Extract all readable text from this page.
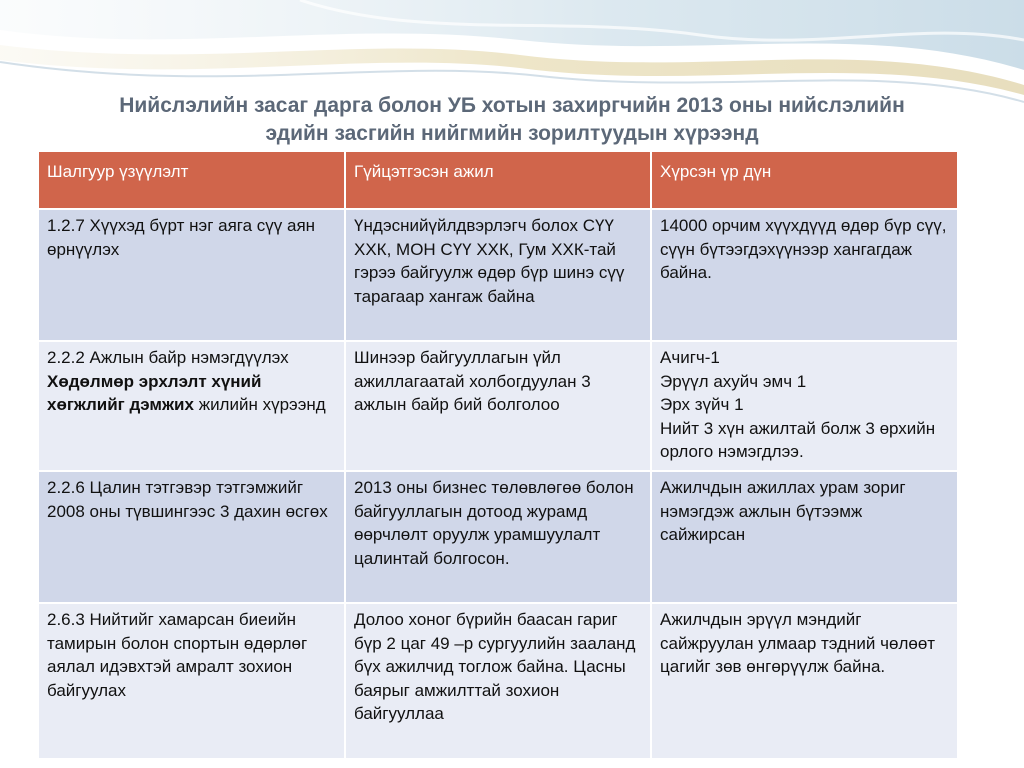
Нийслэлийн засаг дарга болон УБ хотын захиргчийн 2013 оны нийслэлийн
эдийн засгийн нийгмийн зорилтуудын хүрээнд
Шалгуур үзүүлэлт	Гүйцэтгэсэн ажил	Хүрсэн үр дүн
1.2.7 Хүүхэд бүрт нэг аяга сүү аян өрнүүлэх	Үндэснийүйлдвэрлэгч болох СҮҮ ХХК, МОН СҮҮ ХХК, Гум ХХК-тай гэрээ байгуулж өдөр бүр шинэ сүү тарагаар хангаж байна	14000 орчим хүүхдүүд өдөр бүр сүү, сүүн бүтээгдэхүүнээр хангагдаж байна.

2.2.2 Ажлын байр нэмэгдүүлэх
Хөдөлмөр эрхлэлт хүний хөгжлийг дэмжих жилийн хүрээнд	Шинээр байгууллагын үйл ажиллагаатай холбогдуулан 3 ажлын байр бий болголоо	Ачигч-1
Эрүүл ахуйч эмч 1
Эрх зүйч 1
Нийт 3 хүн ажилтай болж 3 өрхийн орлого нэмэгдлээ.

2.2.6 Цалин тэтгэвэр тэтгэмжийг 2008 оны түвшингээс 3 дахин өсгөх	2013 оны бизнес төлөвлөгөө болон байгууллагын дотоод журамд өөрчлөлт оруулж урамшуулалт цалинтай болгосон.	Ажилчдын ажиллах урам зориг нэмэгдэж ажлын бүтээмж сайжирсан
2.6.3 Нийтийг хамарсан биеийн тамирын болон спортын өдөрлөг аялал идэвхтэй амралт зохион байгуулах	Долоо хоног бүрийн баасан гариг бүр 2 цаг 49 –р сургуулийн зааланд бүх ажилчид тоглож байна. Цасны баярыг амжилттай зохион байгууллаа	Ажилчдын эрүүл мэндийг сайжруулан улмаар тэдний чөлөөт цагийг зөв өнгөрүүлж байна.
